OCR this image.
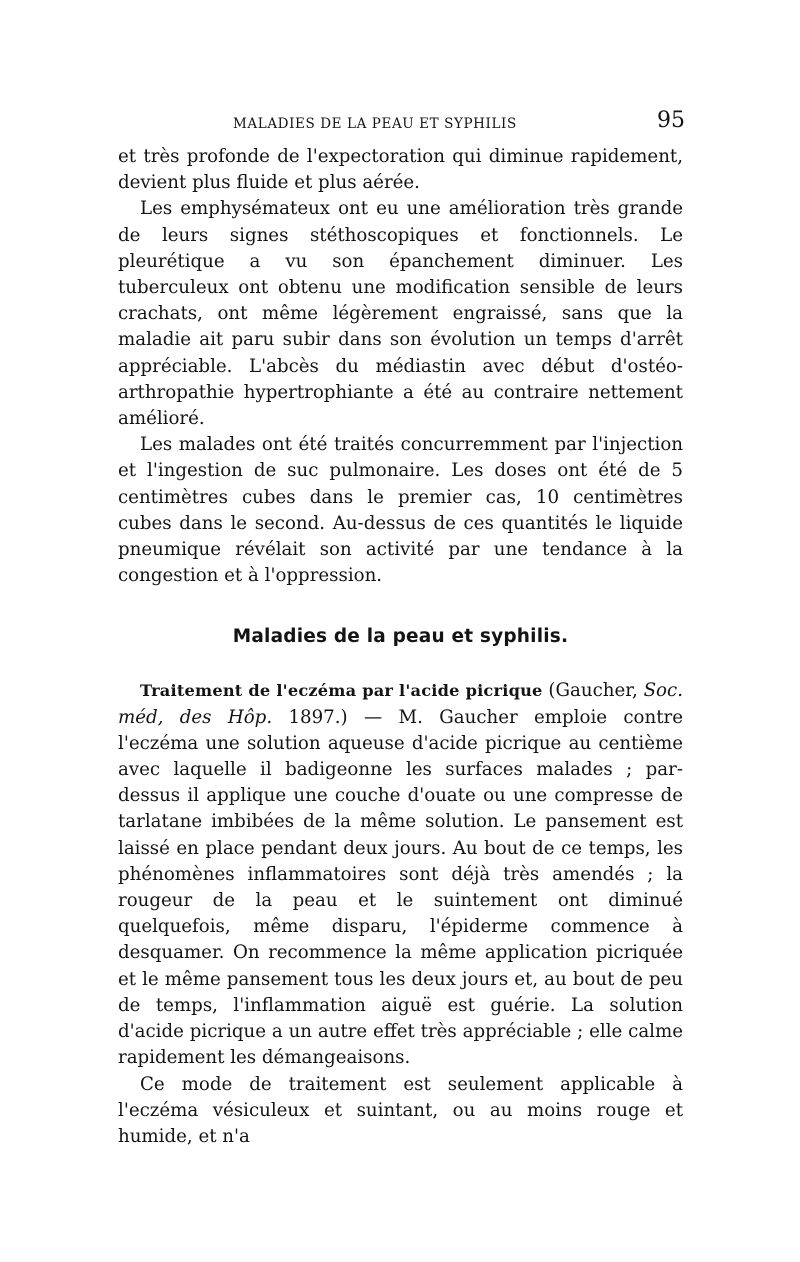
MALADIES DE LA PEAU ET SYPHILIS	95

et très profonde de l'expectoration qui diminue rapidement, devient plus fluide et plus aérée.

Les emphysémateux ont eu une amélioration très grande de leurs signes stéthoscopiques et fonctionnels. Le pleurétique a vu son épanchement diminuer. Les tuberculeux ont obtenu une modification sensible de leurs crachats, ont même légèrement engraissé, sans que la maladie ait paru subir dans son évolution un temps d'arrêt appréciable. L'abcès du médiastin avec début d'ostéo-arthropathie hypertrophiante a été au contraire nettement amélioré.

Les malades ont été traités concurremment par l'injection et l'ingestion de suc pulmonaire. Les doses ont été de 5 centimètres cubes dans le premier cas, 10 centimètres cubes dans le second. Au-dessus de ces quantités le liquide pneumique révélait son activité par une tendance à la congestion et à l'oppression.

Maladies de la peau et syphilis.

Traitement de l'eczéma par l'acide picrique (Gaucher, Soc. méd, des Hôp. 1897.) — M. Gaucher emploie contre l'eczéma une solution aqueuse d'acide picrique au centième avec laquelle il badigeonne les surfaces malades ; par-dessus il applique une couche d'ouate ou une compresse de tarlatane imbibées de la même solution. Le pansement est laissé en place pendant deux jours. Au bout de ce temps, les phénomènes inflammatoires sont déjà très amendés ; la rougeur de la peau et le suintement ont diminué quelquefois, même disparu, l'épiderme commence à desquamer. On recommence la même application picriquée et le même pansement tous les deux jours et, au bout de peu de temps, l'inflammation aiguë est guérie. La solution d'acide picrique a un autre effet très appréciable ; elle calme rapidement les démangeaisons.

Ce mode de traitement est seulement applicable à l'eczéma vésiculeux et suintant, ou au moins rouge et humide, et n'a
